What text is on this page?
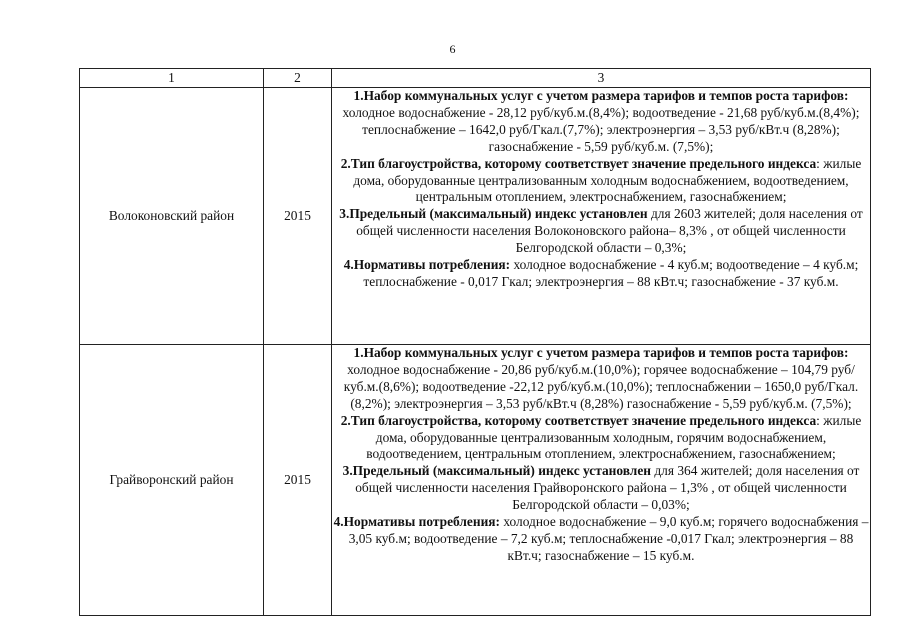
6
1	2	3
Волоконовский район	2015	1.Набор коммунальных услуг с учетом размера тарифов и темпов роста тарифов: холодное водоснабжение - 28,12 руб/куб.м.(8,4%); водоотведение - 21,68 руб/куб.м.(8,4%); теплоснабжение – 1642,0 руб/Гкал.(7,7%); электроэнергия – 3,53 руб/кВт.ч (8,28%); газоснабжение - 5,59 руб/куб.м. (7,5%);

2.Тип благоустройства, которому соответствует значение предельного индекса: жилые дома, оборудованные централизованным холодным водоснабжением, водоотведением, центральным отоплением, электроснабжением, газоснабжением;

3.Предельный (максимальный) индекс установлен для 2603 жителей; доля населения от общей численности населения Волоконовского района– 8,3% , от общей численности Белгородской области – 0,3%;

4.Нормативы потребления: холодное водоснабжение - 4 куб.м; водоотведение – 4 куб.м; теплоснабжение - 0,017 Гкал; электроэнергия – 88 кВт.ч; газоснабжение - 37 куб.м.

Грайворонский район	2015	1.Набор коммунальных услуг с учетом размера тарифов и темпов роста тарифов: холодное водоснабжение - 20,86 руб/куб.м.(10,0%); горячее водоснабжение – 104,79 руб/куб.м.(8,6%); водоотведение -22,12 руб/куб.м.(10,0%); теплоснабжении – 1650,0 руб/Гкал.(8,2%); электроэнергия – 3,53 руб/кВт.ч (8,28%) газоснабжение - 5,59 руб/куб.м. (7,5%);

2.Тип благоустройства, которому соответствует значение предельного индекса: жилые дома, оборудованные централизованным холодным, горячим водоснабжением, водоотведением, центральным отоплением, электроснабжением, газоснабжением;

3.Предельный (максимальный) индекс установлен для 364 жителей; доля населения от общей численности населения Грайворонского района – 1,3% , от общей численности Белгородской области – 0,03%;

4.Нормативы потребления: холодное водоснабжение – 9,0 куб.м; горячего водоснабжения – 3,05 куб.м; водоотведение – 7,2 куб.м; теплоснабжение -0,017 Гкал; электроэнергия – 88 кВт.ч; газоснабжение – 15 куб.м.
